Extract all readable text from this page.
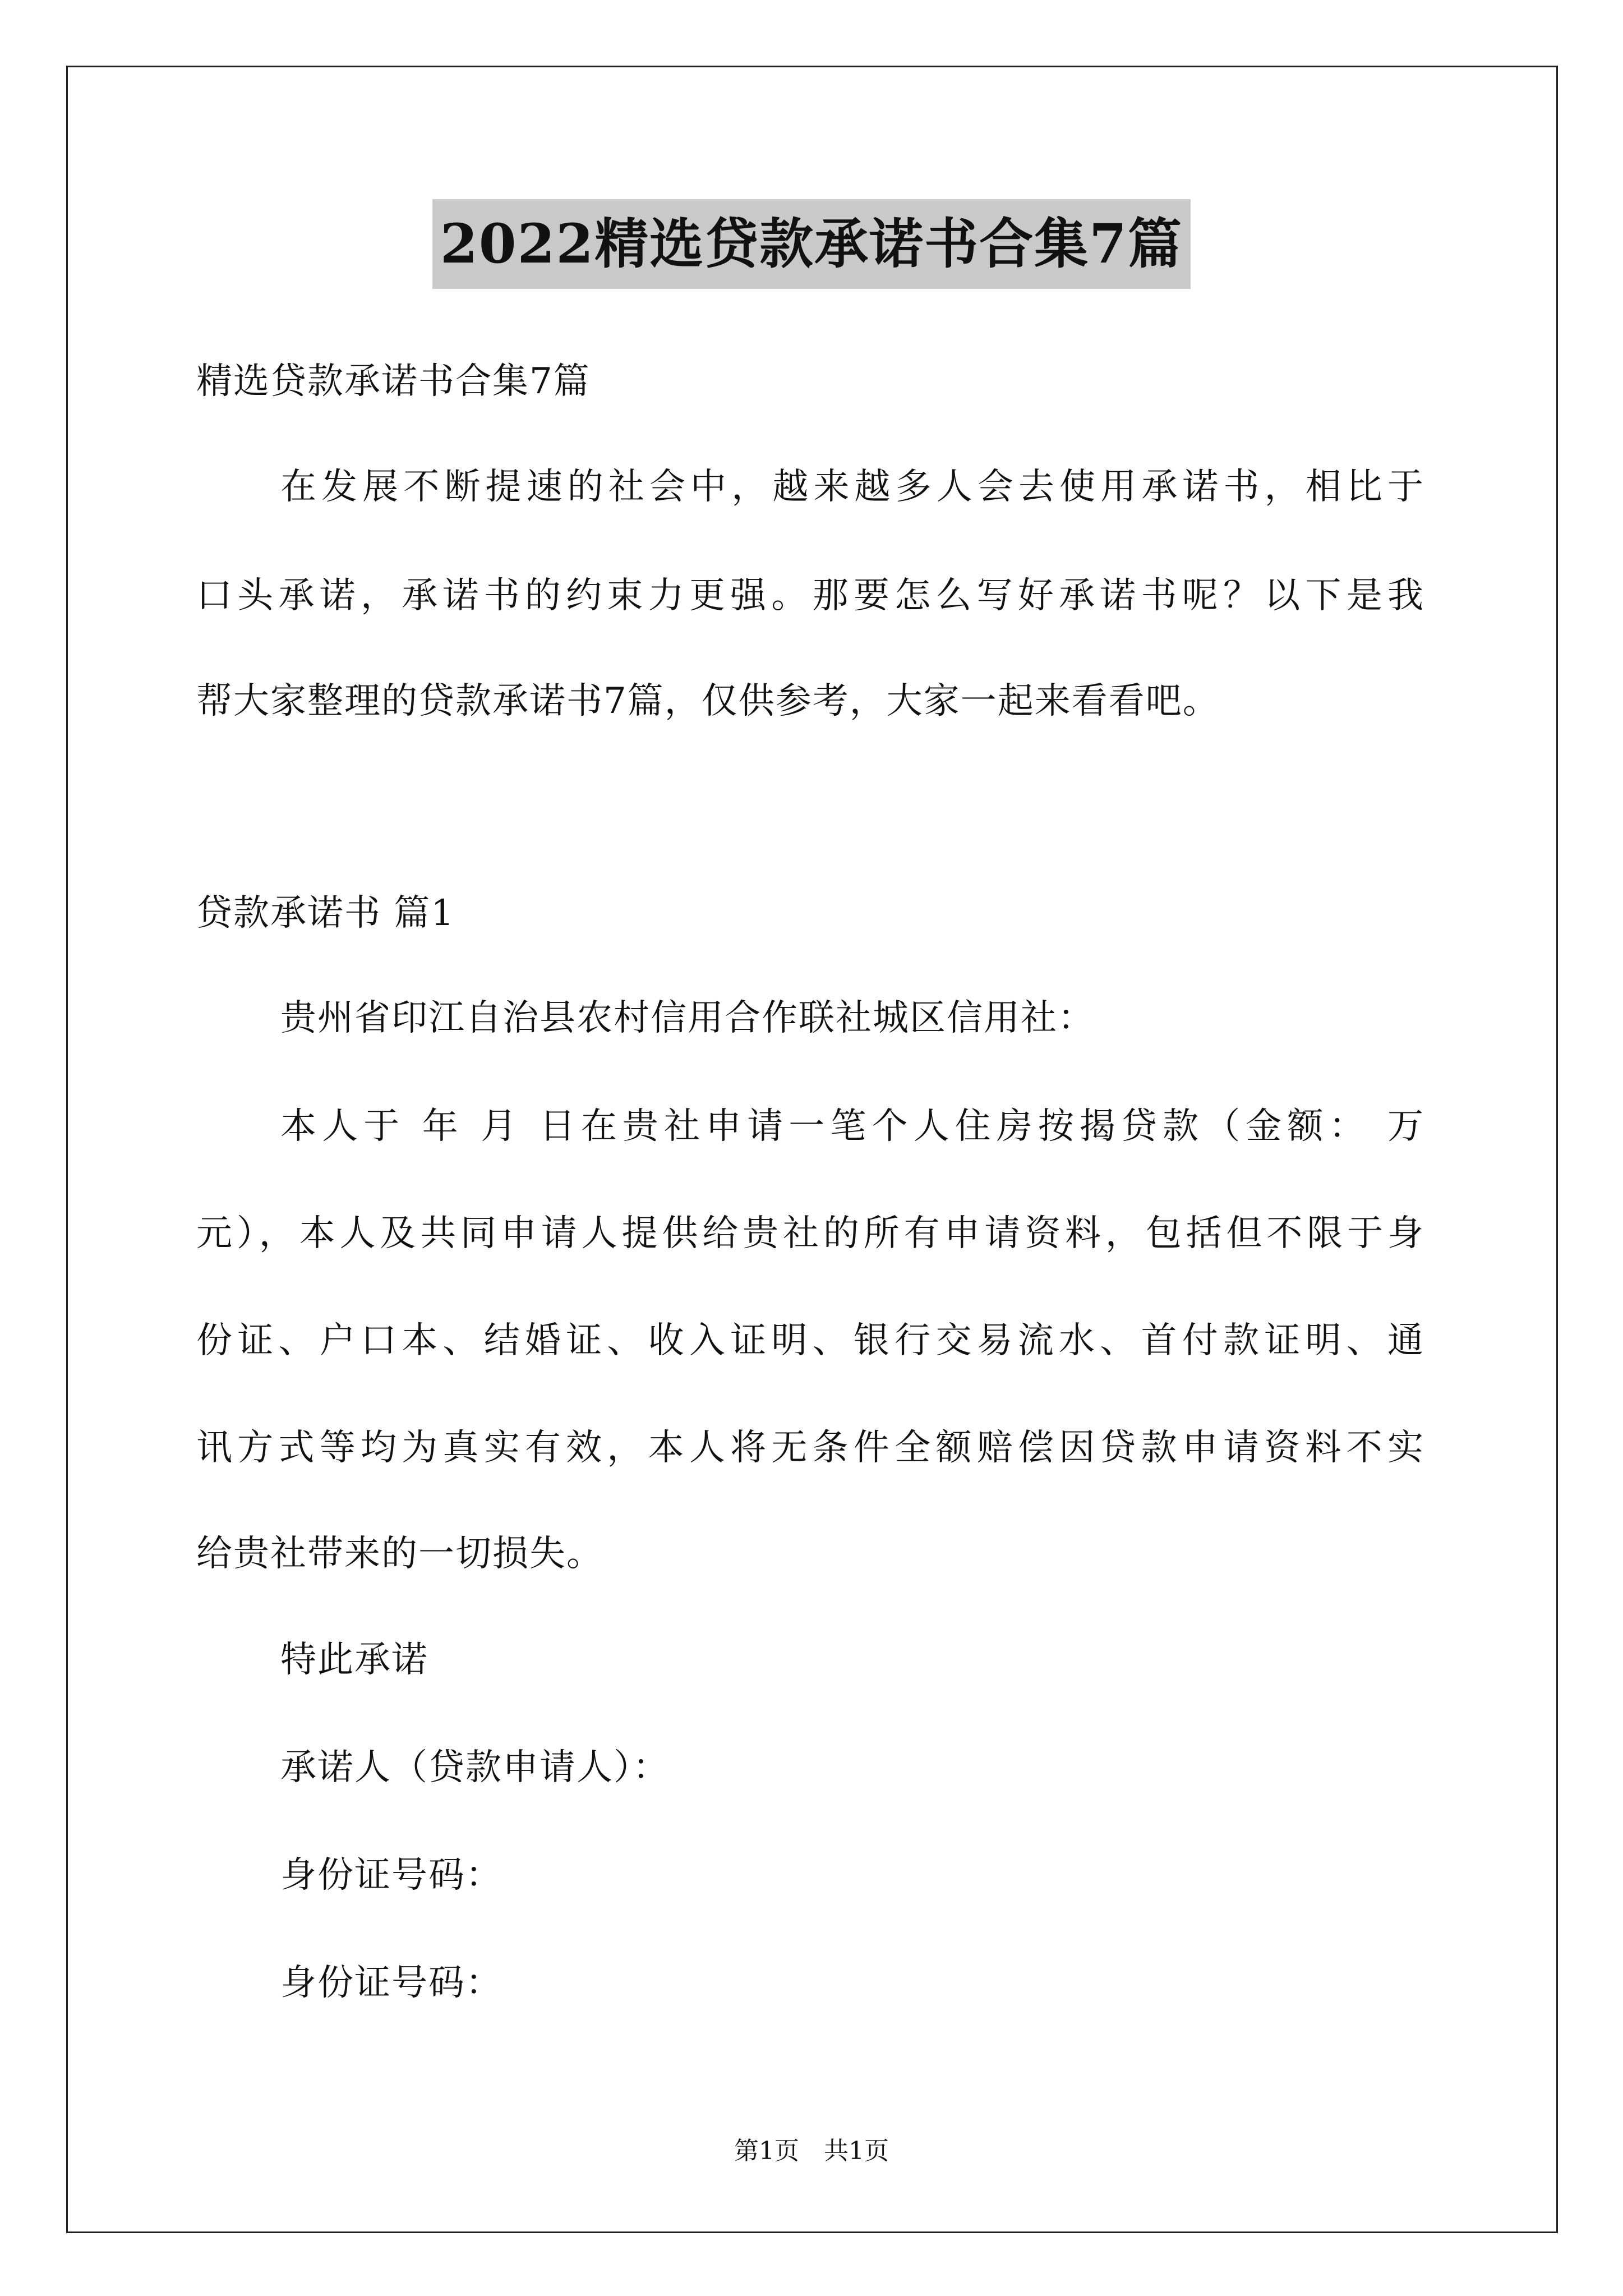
2022精选贷款承诺书合集7篇
精选贷款承诺书合集7篇
在发展不断提速的社会中，越来越多人会去使用承诺书，相比于
口头承诺，承诺书的约束力更强。那要怎么写好承诺书呢？以下是我
帮大家整理的贷款承诺书7篇，仅供参考，大家一起来看看吧。
贷款承诺书 篇1
贵州省印江自治县农村信用合作联社城区信用社：
本人于 年 月 日在贵社申请一笔个人住房按揭贷款（金额： 万
元），本人及共同申请人提供给贵社的所有申请资料，包括但不限于身
份证、户口本、结婚证、收入证明、银行交易流水、首付款证明、通
讯方式等均为真实有效，本人将无条件全额赔偿因贷款申请资料不实
给贵社带来的一切损失。
特此承诺
承诺人（贷款申请人）：
身份证号码：
身份证号码：
第1页　共1页
